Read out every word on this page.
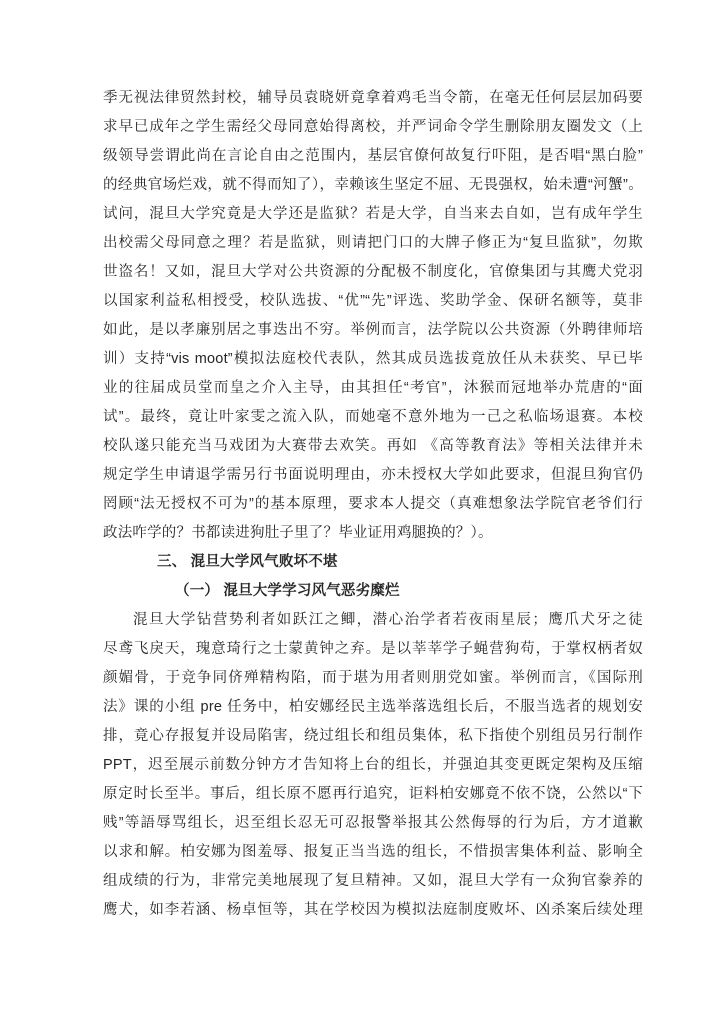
季无视法律贸然封校，辅导员袁晓妍竟拿着鸡毛当令箭，在毫无任何层层加码要
求早已成年之学生需经父母同意始得离校，并严词命令学生删除朋友圈发文（上
级领导尝谓此尚在言论自由之范围内，基层官僚何故复行吓阻，是否唱“黑白脸”
的经典官场烂戏，就不得而知了），幸赖该生坚定不屈、无畏强权，始未遭“河蟹”。
试问，混旦大学究竟是大学还是监狱？若是大学，自当来去自如，岂有成年学生
出校需父母同意之理？若是监狱，则请把门口的大牌子修正为“复旦监狱”，勿欺
世盗名！又如，混旦大学对公共资源的分配极不制度化，官僚集团与其鹰犬党羽
以国家利益私相授受，校队选拔、“优”“先”评选、奖助学金、保研名额等，莫非
如此，是以孝廉别居之事迭出不穷。举例而言，法学院以公共资源（外聘律师培
训）支持“vis moot”模拟法庭校代表队，然其成员选拔竟放任从未获奖、早已毕
业的往届成员堂而皇之介入主导，由其担任“考官”，沐猴而冠地举办荒唐的“面
试”。最终，竟让叶家雯之流入队，而她毫不意外地为一己之私临场退赛。本校
校队遂只能充当马戏团为大赛带去欢笑。再如 《高等教育法》等相关法律并未
规定学生申请退学需另行书面说明理由，亦未授权大学如此要求，但混旦狗官仍
罔顾“法无授权不可为”的基本原理，要求本人提交（真难想象法学院官老爷们行
政法咋学的？书都读进狗肚子里了？毕业证用鸡腿换的？）。
三、 混旦大学风气败坏不堪
（一） 混旦大学学习风气恶劣糜烂
混旦大学钻营势利者如跃江之鲫，潜心治学者若夜雨星辰；鹰爪犬牙之徒
尽鸢飞戾天，瑰意琦行之士蒙黄钟之弃。是以莘莘学子蝇营狗苟，于掌权柄者奴
颜媚骨，于竞争同侪殚精构陷，而于堪为用者则朋党如蜜。举例而言，《国际刑
法》课的小组 pre 任务中，柏安娜经民主选举落选组长后，不服当选者的规划安
排，竟心存报复并设局陷害，绕过组长和组员集体，私下指使个别组员另行制作
PPT，迟至展示前数分钟方才告知将上台的组长，并强迫其变更既定架构及压缩
原定时长至半。事后，组长原不愿再行追究，讵料柏安娜竟不依不饶，公然以“下
贱”等語辱骂组长，迟至组长忍无可忍报警举报其公然侮辱的行为后，方才道歉
以求和解。柏安娜为图羞辱、报复正当当选的组长，不惜损害集体利益、影响全
组成绩的行为，非常完美地展现了复旦精神。又如，混旦大学有一众狗官豢养的
鹰犬，如李若涵、杨卓恒等，其在学校因为模拟法庭制度败坏、凶杀案后续处理
